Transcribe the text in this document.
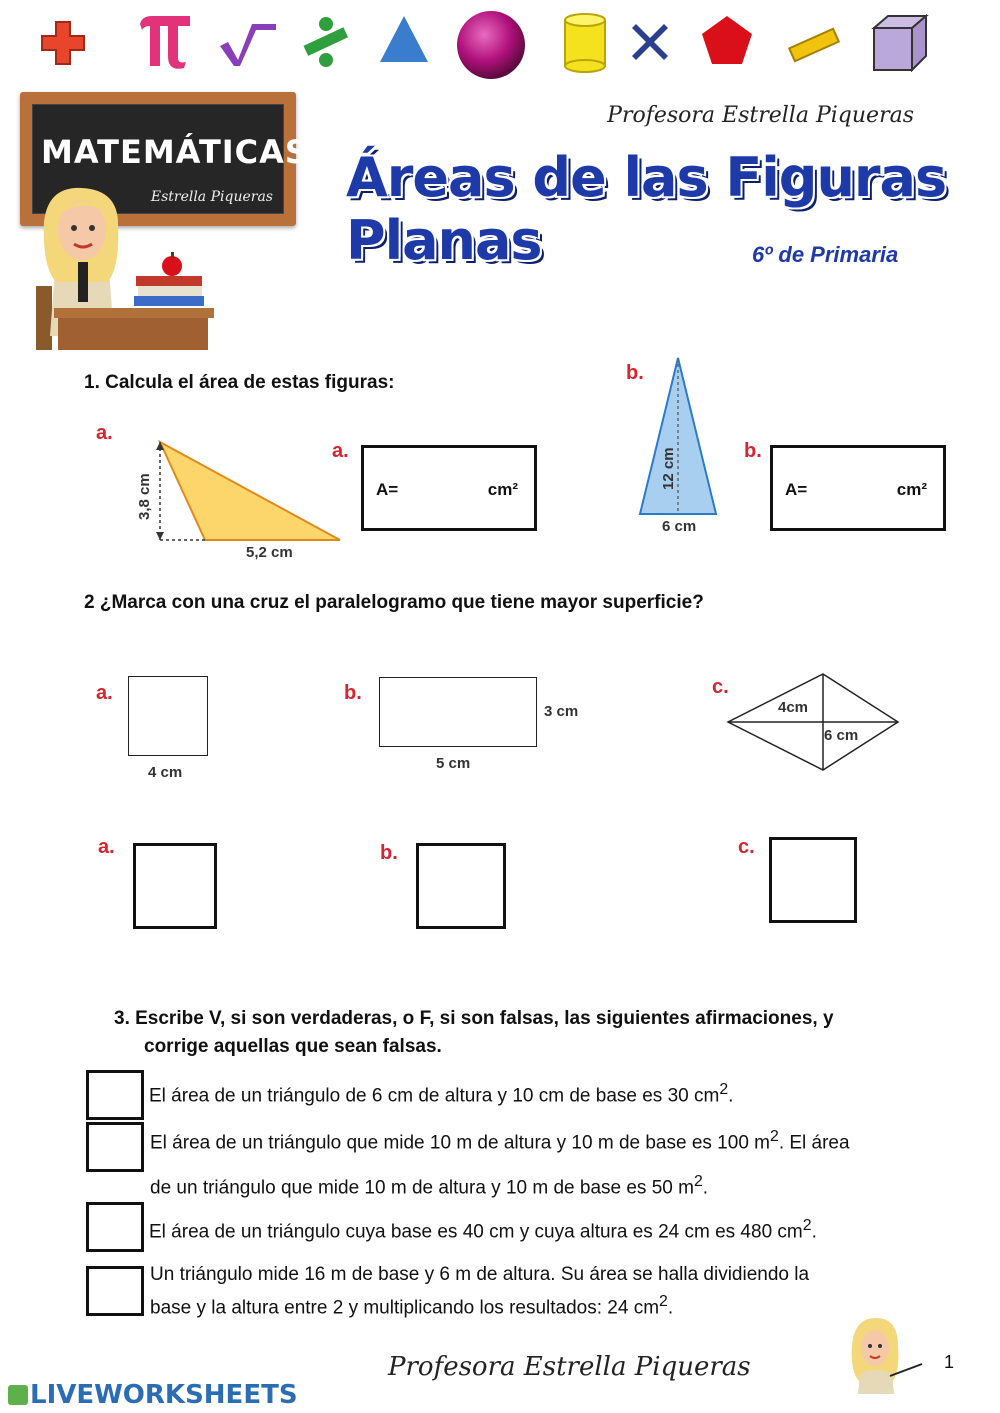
MATEMÁTICAS
Estrella Piqueras
Profesora Estrella Piqueras
Áreas de las Figuras Planas	6º de Primaria
1. Calcula el área de estas figuras:
a.
3,8 cm
5,2 cm
a.
A=	cm²
b.
12 cm
6 cm
b.
A=	cm²
2 ¿Marca con una cruz el paralelogramo que tiene mayor superficie?
a.
4 cm
b.
3 cm
5 cm
c.
4cm
6 cm
a.	b.	c.
3. Escribe V, si son verdaderas, o F, si son falsas, las siguientes afirmaciones, y
corrige aquellas que sean falsas.
El área de un triángulo de 6 cm de altura y 10 cm de base es 30 $cm^2$.
El área de un triángulo que mide 10 m de altura y 10 m de base es 100 $m^2$. El área
de un triángulo que mide 10 m de altura y 10 m de base es 50 $m^2$.
El área de un triángulo cuya base es 40 cm y cuya altura es 24 cm es 480 $cm^2$.
Un triángulo mide 16 m de base y 6 m de altura. Su área se halla dividiendo la
base y la altura entre 2 y multiplicando los resultados: 24 $cm^2$.
LIVEWORKSHEETS
Profesora Estrella Piqueras	1
